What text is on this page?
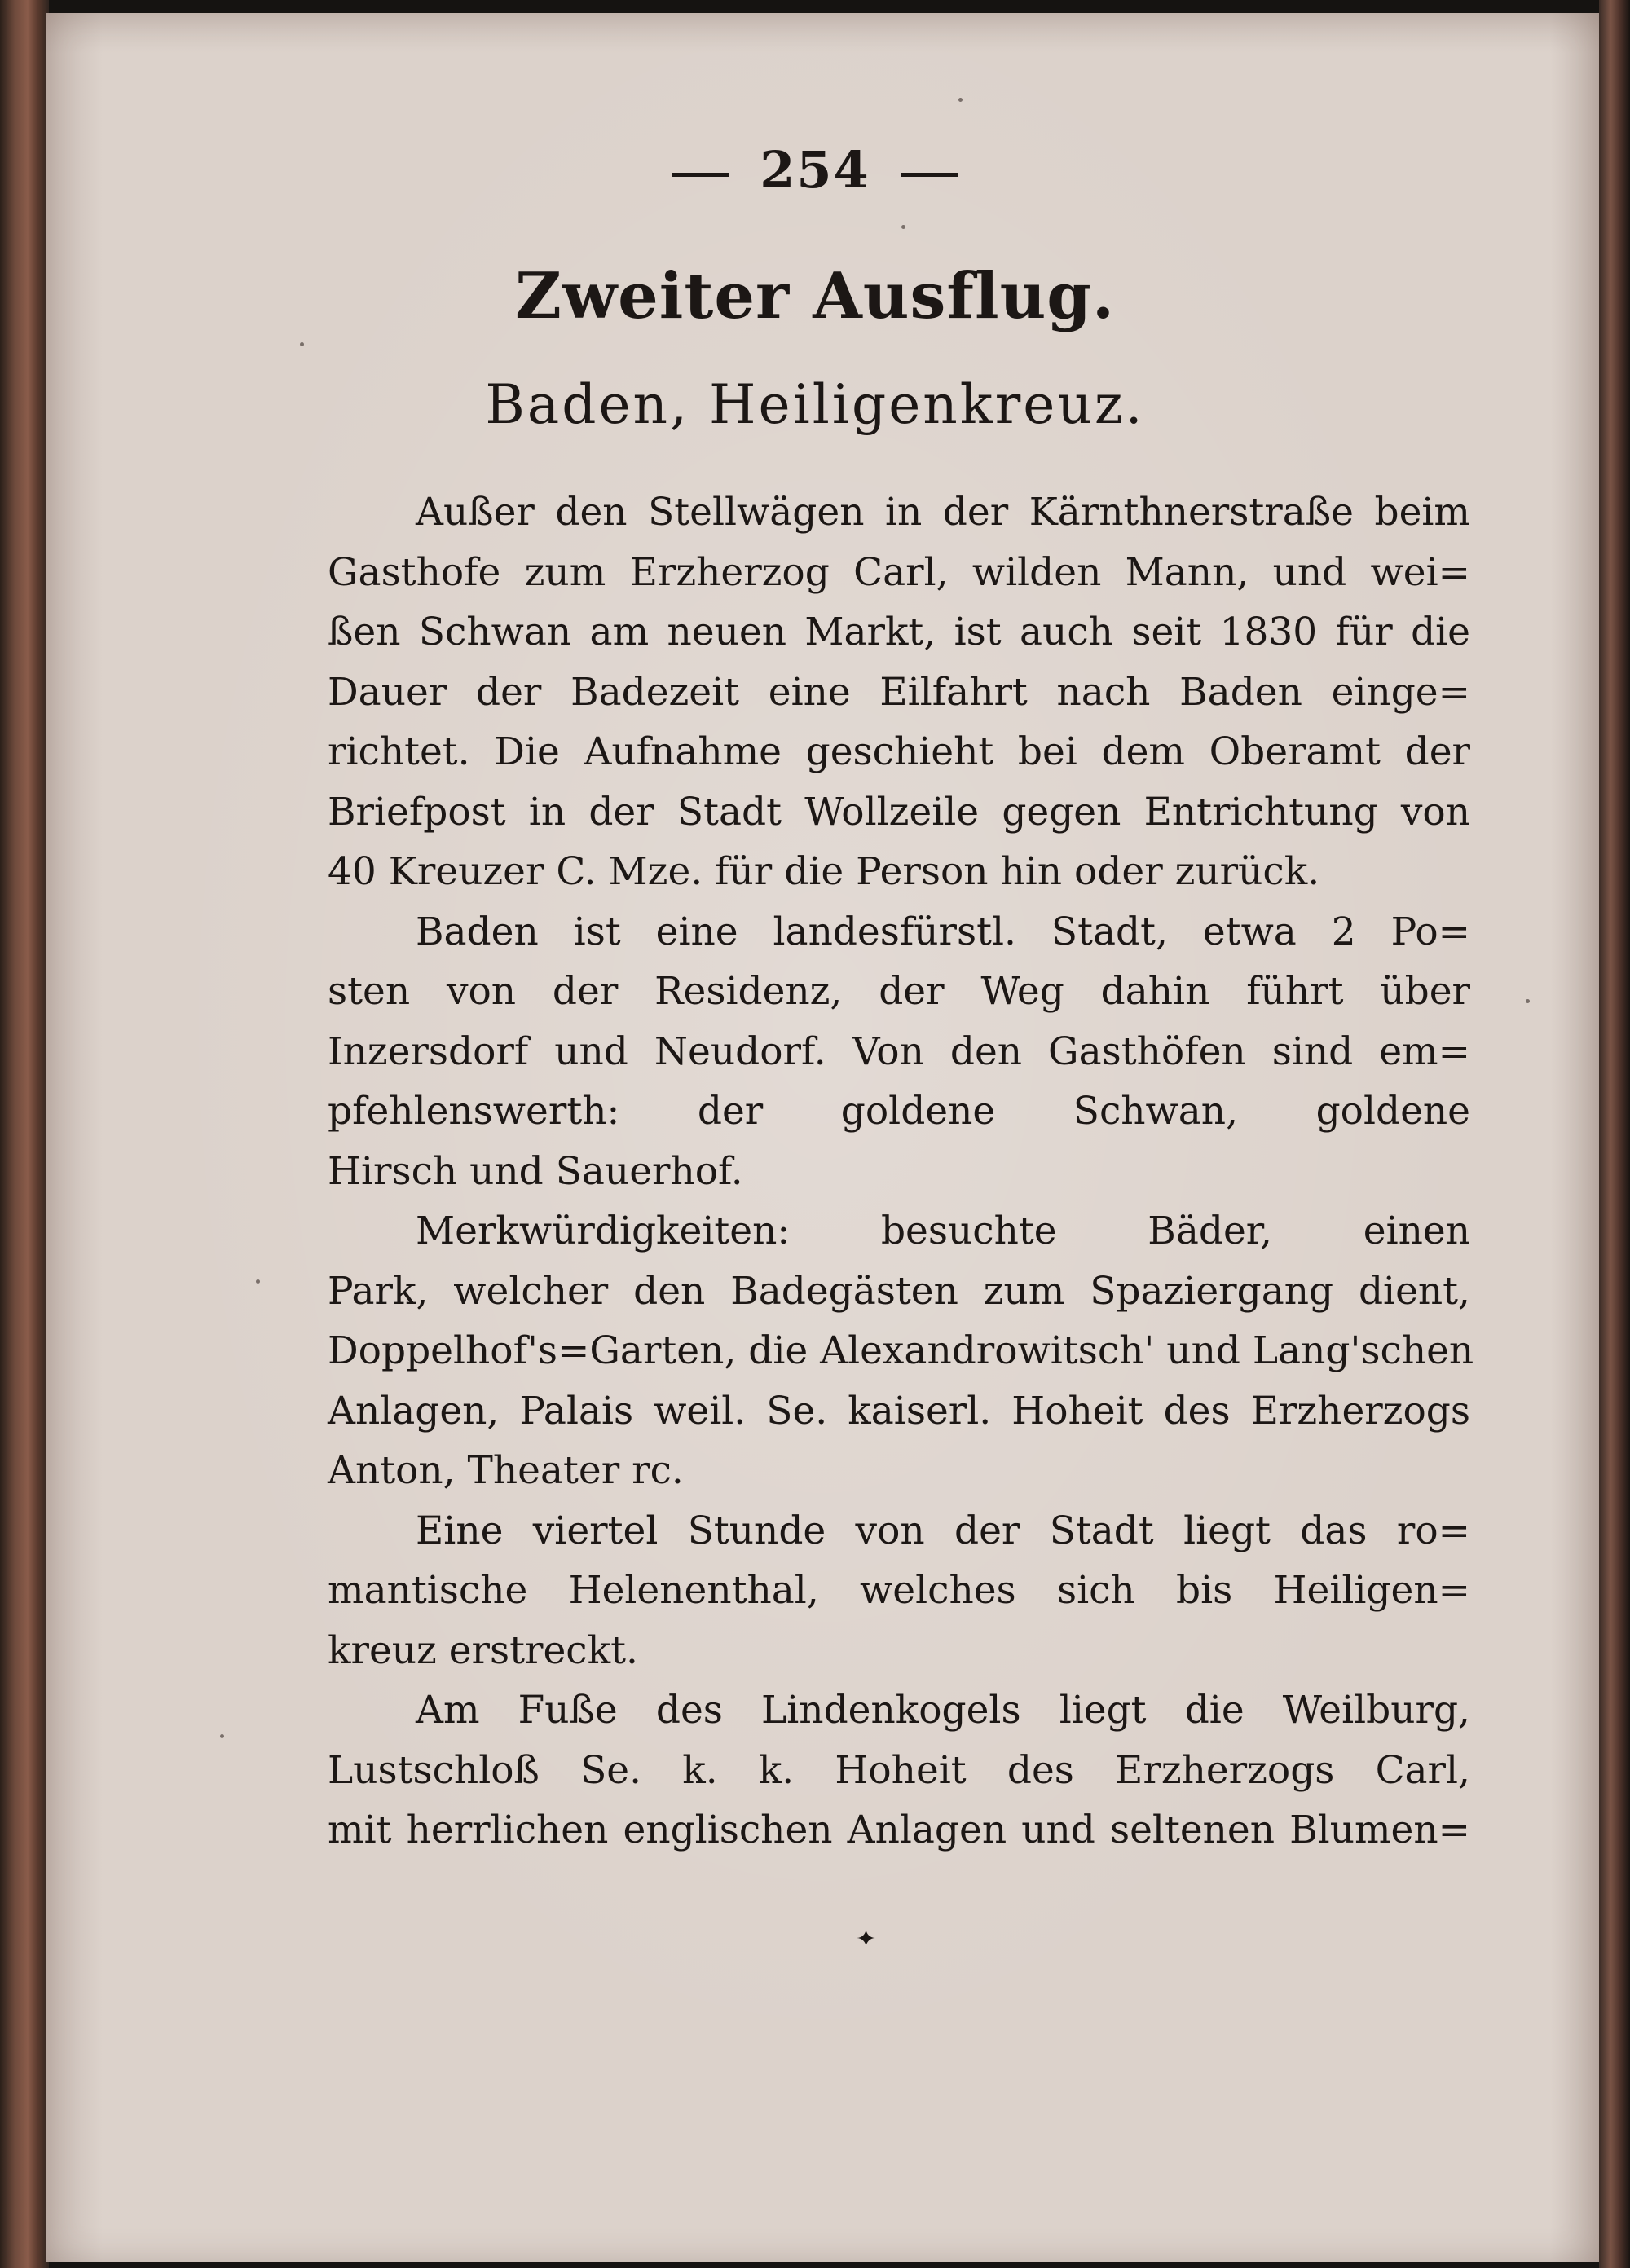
254
Zweiter Ausflug.
Baden, Heiligenkreuz.

Außer den Stellwägen in der Kärnthnerstraße beim
Gasthofe zum Erzherzog Carl, wilden Mann, und wei=
ßen Schwan am neuen Markt, ist auch seit 1830 für die
Dauer der Badezeit eine Eilfahrt nach Baden einge=
richtet. Die Aufnahme geschieht bei dem Oberamt der
Briefpost in der Stadt Wollzeile gegen Entrichtung von
40 Kreuzer C. Mze. für die Person hin oder zurück.

Baden ist eine landesfürstl. Stadt, etwa 2 Po=
sten von der Residenz, der Weg dahin führt über
Inzersdorf und Neudorf. Von den Gasthöfen sind em=
pfehlenswerth: der goldene Schwan, goldene
Hirsch und Sauerhof.

Merkwürdigkeiten: besuchte Bäder, einen
Park, welcher den Badegästen zum Spaziergang dient,
Doppelhof's=Garten, die Alexandrowitsch' und Lang'schen
Anlagen, Palais weil. Se. kaiserl. Hoheit des Erzherzogs
Anton, Theater rc.

Eine viertel Stunde von der Stadt liegt das ro=
mantische Helenenthal, welches sich bis Heiligen=
kreuz erstreckt.

Am Fuße des Lindenkogels liegt die Weilburg,
Lustschloß Se. k. k. Hoheit des Erzherzogs Carl,
mit herrlichen englischen Anlagen und seltenen Blumen=

✦
